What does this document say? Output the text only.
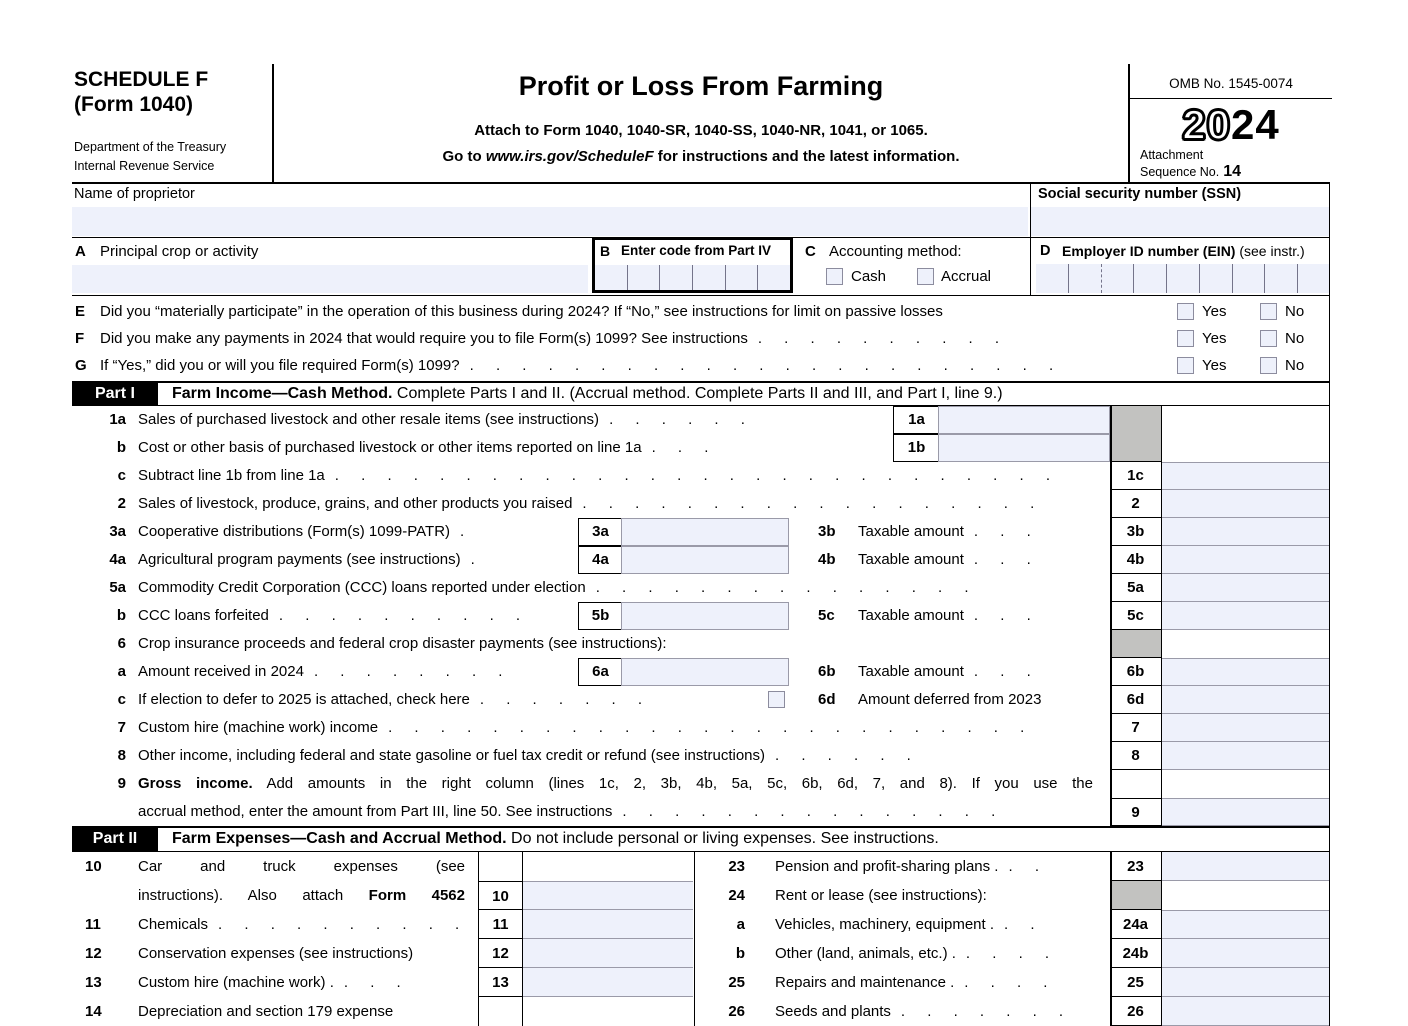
SCHEDULE F
(Form 1040)
Department of the Treasury
Internal Revenue Service
Profit or Loss From Farming
Attach to Form 1040, 1040-SR, 1040-SS, 1040-NR, 1041, or 1065.
Go to www.irs.gov/ScheduleF for instructions and the latest information.
OMB No. 1545-0074
2024
Attachment
Sequence No. 14
Name of proprietor	Social security number (SSN)
A Principal crop or activity	B Enter code from Part IV C Accounting method:
Cash	Accrual
D Employer ID number (EIN) (see instr.)
E Did you “materially participate” in the operation of this business during 2024? If “No,” see instructions for limit on passive losses	Yes	No
F Did you make any payments in 2024 that would require you to file Form(s) 1099? See instructions . . . . . . . . . .	Yes	No
G If “Yes,” did you or will you file required Form(s) 1099? . . . . . . . . . . . . . . . . . . . . . . .	Yes	No
Part I	Farm Income—Cash Method. Complete Parts I and II. (Accrual method. Complete Parts II and III, and Part I, line 9.)
1a Sales of purchased livestock and other resale items (see instructions) . . . . . .	1a
b Cost or other basis of purchased livestock or other items reported on line 1a . . .	1b
c Subtract line 1b from line 1a . . . . . . . . . . . . . . . . . . . . . . . . . . . .	1c
2 Sales of livestock, produce, grains, and other products you raised . . . . . . . . . . . . . . . . . .	2
3a Cooperative distributions (Form(s) 1099-PATR) .	3a	3b Taxable amount . . .	3b
4a Agricultural program payments (see instructions) .	4a	4b Taxable amount . . .	4b
5a Commodity Credit Corporation (CCC) loans reported under election . . . . . . . . . . . . . . .	5a
b CCC loans forfeited . . . . . . . . . .	5b	5c Taxable amount . . .	5c
6 Crop insurance proceeds and federal crop disaster payments (see instructions):
a Amount received in 2024 . . . . . . . .	6a	6b Taxable amount . . .	6b
c If election to defer to 2025 is attached, check here . . . . . . .	6d Amount deferred from 2023	6d
7 Custom hire (machine work) income . . . . . . . . . . . . . . . . . . . . . . . . .	7
8 Other income, including federal and state gasoline or fuel tax credit or refund (see instructions) . . . . . .	8
9 Gross income. Add amounts in the right column (lines 1c, 2, 3b, 4b, 5a, 5c, 6b, 6d, 7, and 8). If you use the
accrual method, enter the amount from Part III, line 50. See instructions . . . . . . . . . . . . . . .	9
Part II	Farm Expenses—Cash and Accrual Method. Do not include personal or living expenses. See instructions.
10	Car and truck expenses (see	23 Pension and profit-sharing plans . . .	23
instructions). Also attach Form 4562	10	24 Rent or lease (see instructions):
11	Chemicals . . . . . . . . . .	11	a Vehicles, machinery, equipment . . .	24a
12	Conservation expenses (see instructions)	12	b Other (land, animals, etc.) . . . . .	24b
13	Custom hire (machine work) . . . .	13	25 Repairs and maintenance . . . . .	25
14	Depreciation and section 179 expense	26 Seeds and plants . . . . . . .	26
